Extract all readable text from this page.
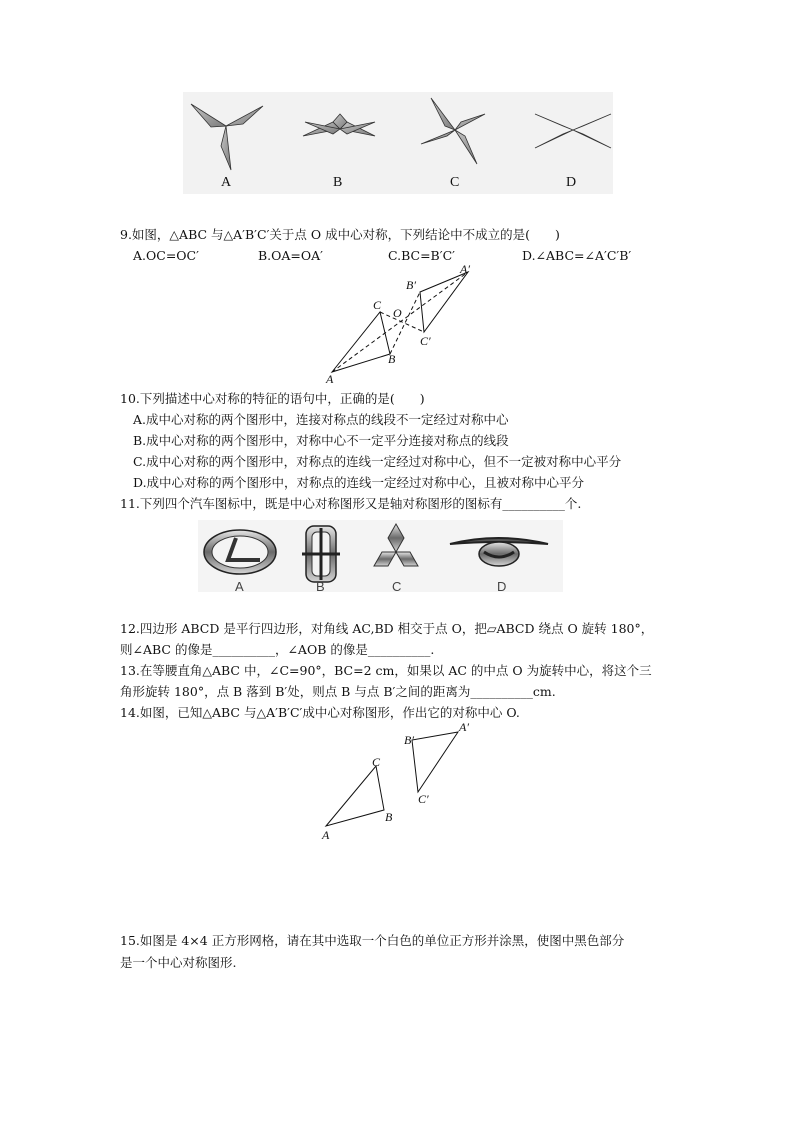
A	B	C	D
9.如图，△ABC 与△A′B′C′关于点 O 成中心对称，下列结论中不成立的是(　　)
A.OC=OC′	B.OA=OA′	C.BC=B′C′	D.∠ABC=∠A′C′B′
A
B
C
O
A′
B′
C′
10.下列描述中心对称的特征的语句中，正确的是(　　)
A.成中心对称的两个图形中，连接对称点的线段不一定经过对称中心
B.成中心对称的两个图形中，对称中心不一定平分连接对称点的线段
C.成中心对称的两个图形中，对称点的连线一定经过对称中心，但不一定被对称中心平分
D.成中心对称的两个图形中，对称点的连线一定经过对称中心，且被对称中心平分
11.下列四个汽车图标中，既是中心对称图形又是轴对称图形的图标有__________个.
A	B	C	D
12.四边形 ABCD 是平行四边形，对角线 AC,BD 相交于点 O，把▱ABCD 绕点 O 旋转 180°，
则∠ABC 的像是__________，∠AOB 的像是__________.
13.在等腰直角△ABC 中，∠C=90°，BC=2 cm，如果以 AC 的中点 O 为旋转中心，将这个三
角形旋转 180°，点 B 落到 B′处，则点 B 与点 B′之间的距离为__________cm.
14.如图，已知△ABC 与△A′B′C′成中心对称图形，作出它的对称中心 O.
A
B
C
A′
B′
C′
15.如图是 4×4 正方形网格，请在其中选取一个白色的单位正方形并涂黑，使图中黑色部分
是一个中心对称图形.
